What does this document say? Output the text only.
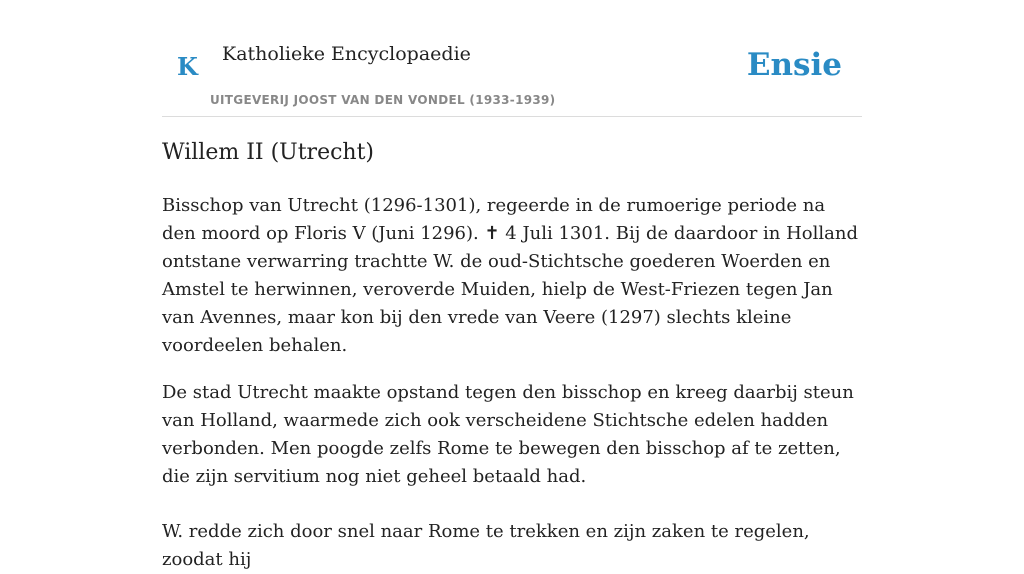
K Katholieke Encyclopaedie
UITGEVERIJ JOOST VAN DEN VONDEL (1933-1939)
Ensie
Willem II (Utrecht)

Bisschop van Utrecht (1296-1301), regeerde in de rumoerige periode na den moord op Floris V (Juni 1296). ✝ 4 Juli 1301. Bij de daardoor in Holland ontstane verwarring trachtte W. de oud-Stichtsche goederen Woerden en Amstel te herwinnen, veroverde Muiden, hielp de West-Friezen tegen Jan van Avennes, maar kon bij den vrede van Veere (1297) slechts kleine voordeelen behalen.

De stad Utrecht maakte opstand tegen den bisschop en kreeg daarbij steun van Holland, waarmede zich ook verscheidene Stichtsche edelen hadden verbonden. Men poogde zelfs Rome te bewegen den bisschop af te zetten, die zijn servitium nog niet geheel betaald had.

W. redde zich door snel naar Rome te trekken en zijn zaken te regelen, zoodat hij
